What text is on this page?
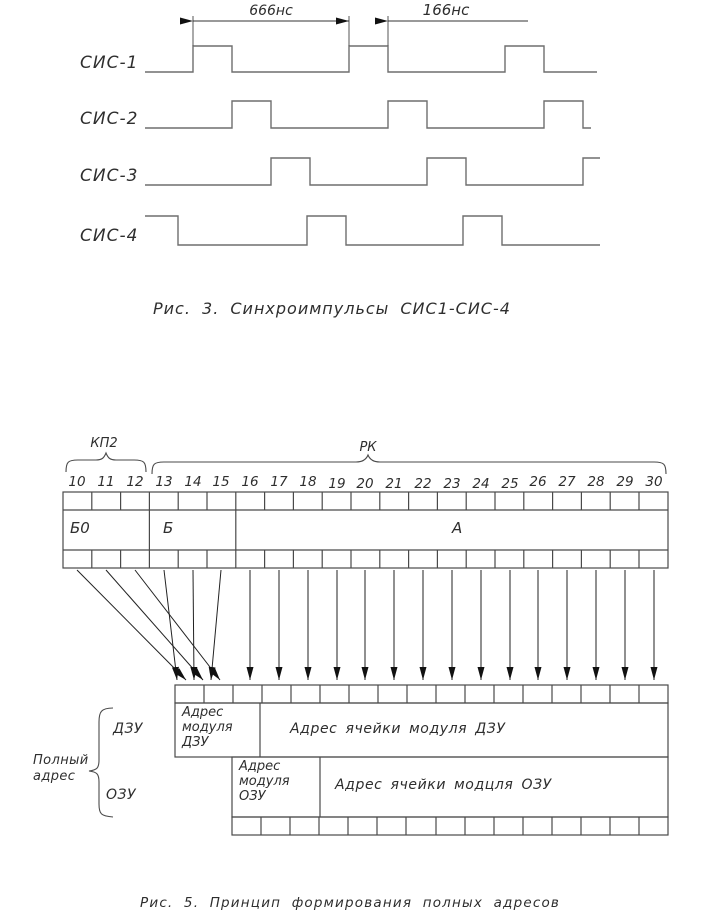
СИС-1
СИС-2
СИС-3
СИС-4
666нс	166нс
Рис. 3. Синхроимпульсы СИС1-СИС-4
КП2	РК
10 11 12 13 14 15 16 17 18 19 20 21 22 23 24 25 26 27 28 29 30
Б0	Б	А
Полный
адрес
ДЗУ
ОЗУ
Адрес
модуля
ДЗУ
Адрес ячейки модуля ДЗУ
Адрес
модуля
ОЗУ
Адрес ячейки модцля ОЗУ
Рис. 5. Принцип формирования полных адресов
